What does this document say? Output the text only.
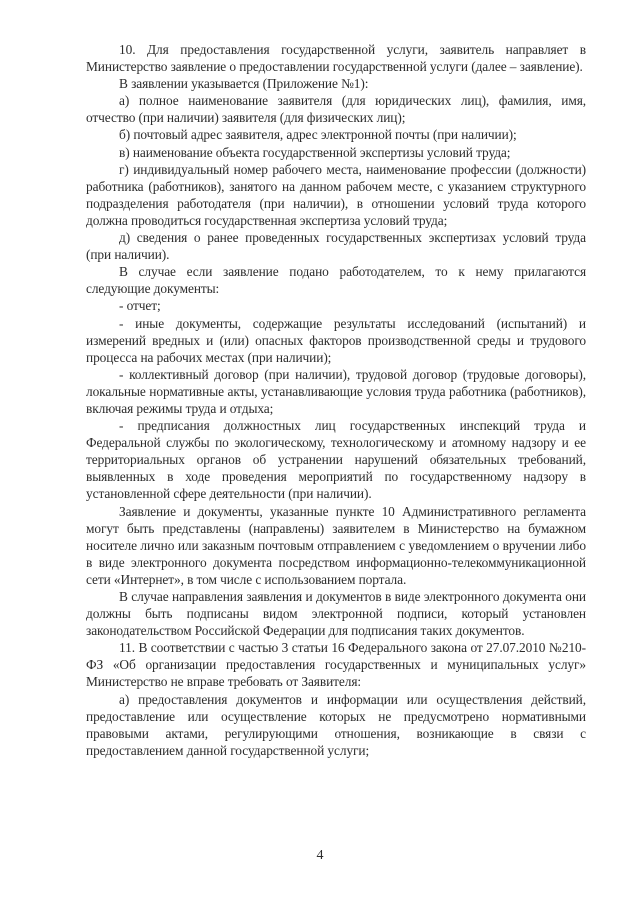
10. Для предоставления государственной услуги, заявитель направляет в Министерство заявление о предоставлении государственной услуги (далее – заявление).

В заявлении указывается (Приложение №1):

а) полное наименование заявителя (для юридических лиц), фамилия, имя, отчество (при наличии) заявителя (для физических лиц);

б) почтовый адрес заявителя, адрес электронной почты (при наличии);

в) наименование объекта государственной экспертизы условий труда;

г) индивидуальный номер рабочего места, наименование профессии (должности) работника (работников), занятого на данном рабочем месте, с указанием структурного подразделения работодателя (при наличии), в отношении условий труда которого должна проводиться государственная экспертиза условий труда;

д) сведения о ранее проведенных государственных экспертизах условий труда (при наличии).

В случае если заявление подано работодателем, то к нему прилагаются следующие документы:

- отчет;

- иные документы, содержащие результаты исследований (испытаний) и измерений вредных и (или) опасных факторов производственной среды и трудового процесса на рабочих местах (при наличии);

- коллективный договор (при наличии), трудовой договор (трудовые договоры), локальные нормативные акты, устанавливающие условия труда работника (работников), включая режимы труда и отдыха;

- предписания должностных лиц государственных инспекций труда и Федеральной службы по экологическому, технологическому и атомному надзору и ее территориальных органов об устранении нарушений обязательных требований, выявленных в ходе проведения мероприятий по государственному надзору в установленной сфере деятельности (при наличии).

Заявление и документы, указанные пункте 10 Административного регламента могут быть представлены (направлены) заявителем в Министерство на бумажном носителе лично или заказным почтовым отправлением с уведомлением о вручении либо в виде электронного документа посредством информационно-телекоммуникационной сети «Интернет», в том числе с использованием портала.

В случае направления заявления и документов в виде электронного документа они должны быть подписаны видом электронной подписи, который установлен законодательством Российской Федерации для подписания таких документов.

11. В соответствии с частью 3 статьи 16 Федерального закона от 27.07.2010 №210-ФЗ «Об организации предоставления государственных и муниципальных услуг» Министерство не вправе требовать от Заявителя:

а) предоставления документов и информации или осуществления действий, предоставление или осуществление которых не предусмотрено нормативными правовыми актами, регулирующими отношения, возникающие в связи с предоставлением данной государственной услуги;

4
